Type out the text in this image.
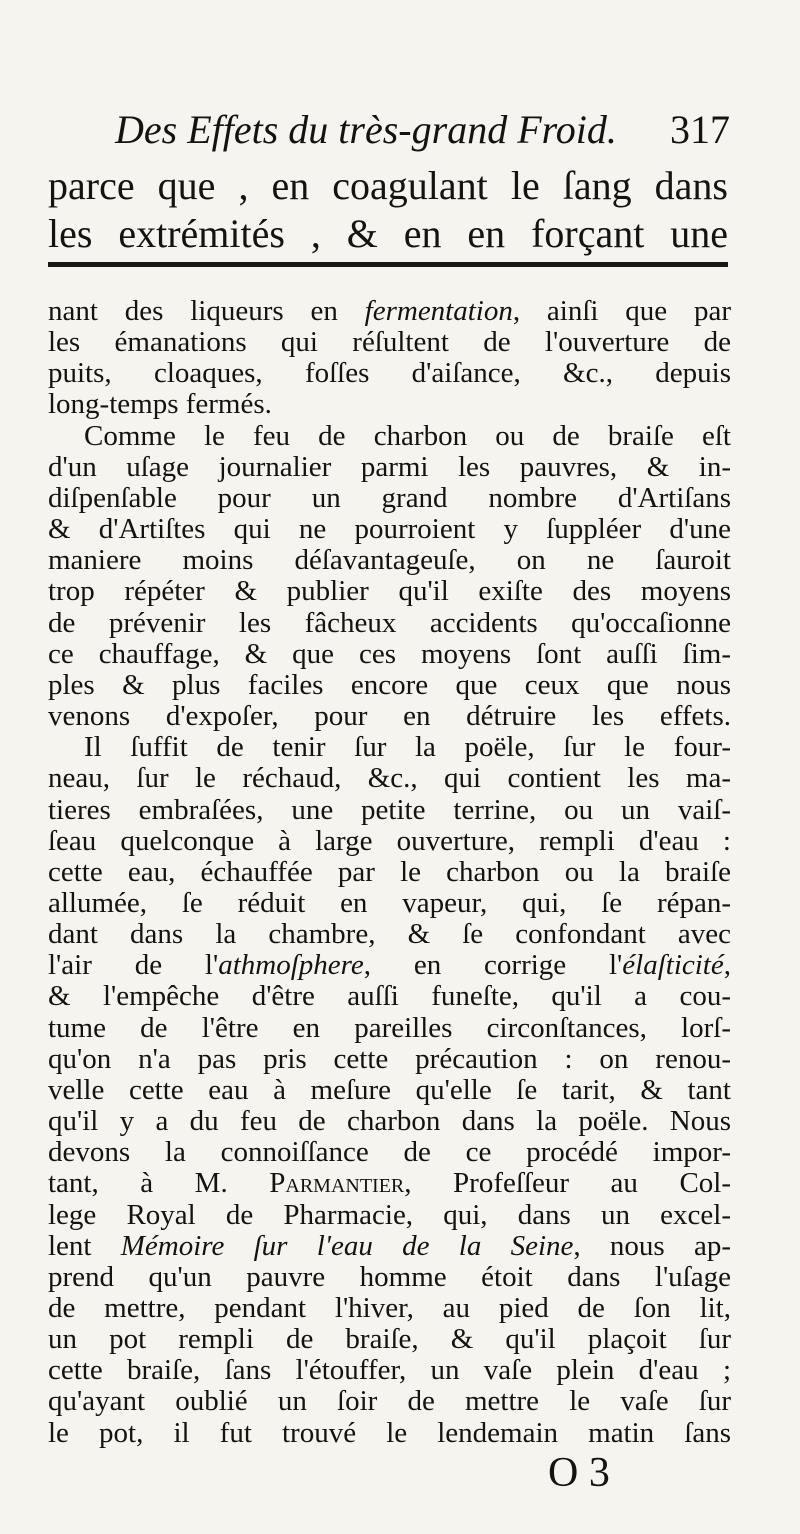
Des Effets du très-grand Froid. 317
parce que , en coagulant le ſang dans
les extrémités , & en en forçant une
nant des liqueurs en fermentation, ainſi que par
les émanations qui réſultent de l'ouverture de
puits, cloaques, foſſes d'aiſance, &c., depuis
long-temps fermés.
Comme le feu de charbon ou de braiſe eſt
d'un uſage journalier parmi les pauvres, & in-
diſpenſable pour un grand nombre d'Artiſans
& d'Artiſtes qui ne pourroient y ſuppléer d'une
maniere moins déſavantageuſe, on ne ſauroit
trop répéter & publier qu'il exiſte des moyens
de prévenir les fâcheux accidents qu'occaſionne
ce chauffage, & que ces moyens ſont auſſi ſim-
ples & plus faciles encore que ceux que nous
venons d'expoſer, pour en détruire les effets.
Il ſuffit de tenir ſur la poële, ſur le four-
neau, ſur le réchaud, &c., qui contient les ma-
tieres embraſées, une petite terrine, ou un vaiſ-
ſeau quelconque à large ouverture, rempli d'eau :
cette eau, échauffée par le charbon ou la braiſe
allumée, ſe réduit en vapeur, qui, ſe répan-
dant dans la chambre, & ſe confondant avec
l'air de l'athmoſphere, en corrige l'élaſticité,
& l'empêche d'être auſſi funeſte, qu'il a cou-
tume de l'être en pareilles circonſtances, lorſ-
qu'on n'a pas pris cette précaution : on renou-
velle cette eau à meſure qu'elle ſe tarit, & tant
qu'il y a du feu de charbon dans la poële. Nous
devons la connoiſſance de ce procédé impor-
tant, à M. Parmantier, Profeſſeur au Col-
lege Royal de Pharmacie, qui, dans un excel-
lent Mémoire ſur l'eau de la Seine, nous ap-
prend qu'un pauvre homme étoit dans l'uſage
de mettre, pendant l'hiver, au pied de ſon lit,
un pot rempli de braiſe, & qu'il plaçoit ſur
cette braiſe, ſans l'étouffer, un vaſe plein d'eau ;
qu'ayant oublié un ſoir de mettre le vaſe ſur
le pot, il fut trouvé le lendemain matin ſans
O 3
